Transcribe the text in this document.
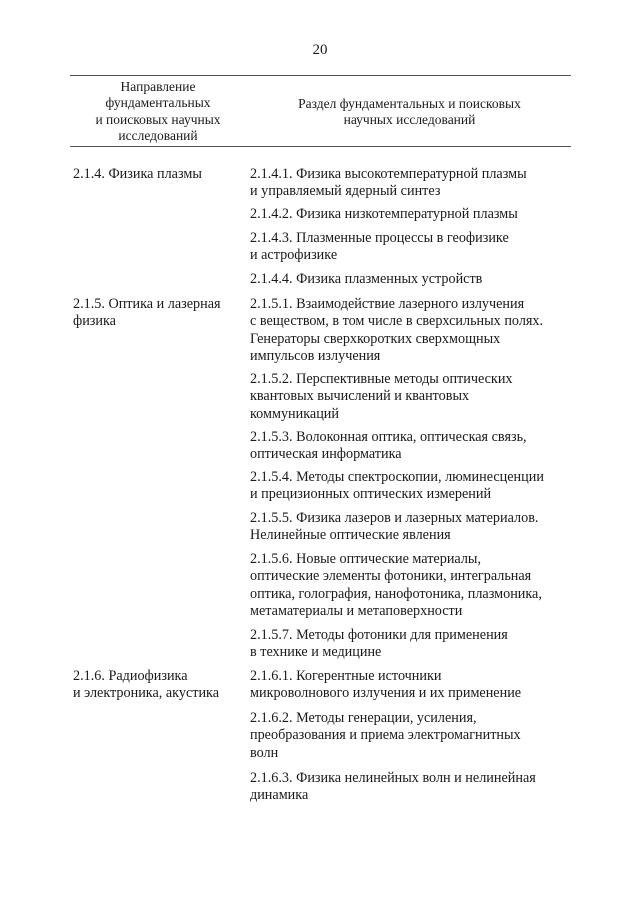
20
Направление
фундаментальных
и поисковых научных
исследований
Раздел фундаментальных и поисковых
научных исследований
2.1.4. Физика плазмы
2.1.5. Оптика и лазерная
физика
2.1.6. Радиофизика
и электроника, акустика
2.1.4.1. Физика высокотемпературной плазмы
и управляемый ядерный синтез
2.1.4.2. Физика низкотемпературной плазмы
2.1.4.3. Плазменные процессы в геофизике
и астрофизике
2.1.4.4. Физика плазменных устройств
2.1.5.1. Взаимодействие лазерного излучения
с веществом, в том числе в сверхсильных полях.
Генераторы сверхкоротких сверхмощных
импульсов излучения
2.1.5.2. Перспективные методы оптических
квантовых вычислений и квантовых
коммуникаций
2.1.5.3. Волоконная оптика, оптическая связь,
оптическая информатика
2.1.5.4. Методы спектроскопии, люминесценции
и прецизионных оптических измерений
2.1.5.5. Физика лазеров и лазерных материалов.
Нелинейные оптические явления
2.1.5.6. Новые оптические материалы,
оптические элементы фотоники, интегральная
оптика, голография, нанофотоника, плазмоника,
метаматериалы и метаповерхности
2.1.5.7. Методы фотоники для применения
в технике и медицине
2.1.6.1. Когерентные источники
микроволнового излучения и их применение
2.1.6.2. Методы генерации, усиления,
преобразования и приема электромагнитных
волн
2.1.6.3. Физика нелинейных волн и нелинейная
динамика
